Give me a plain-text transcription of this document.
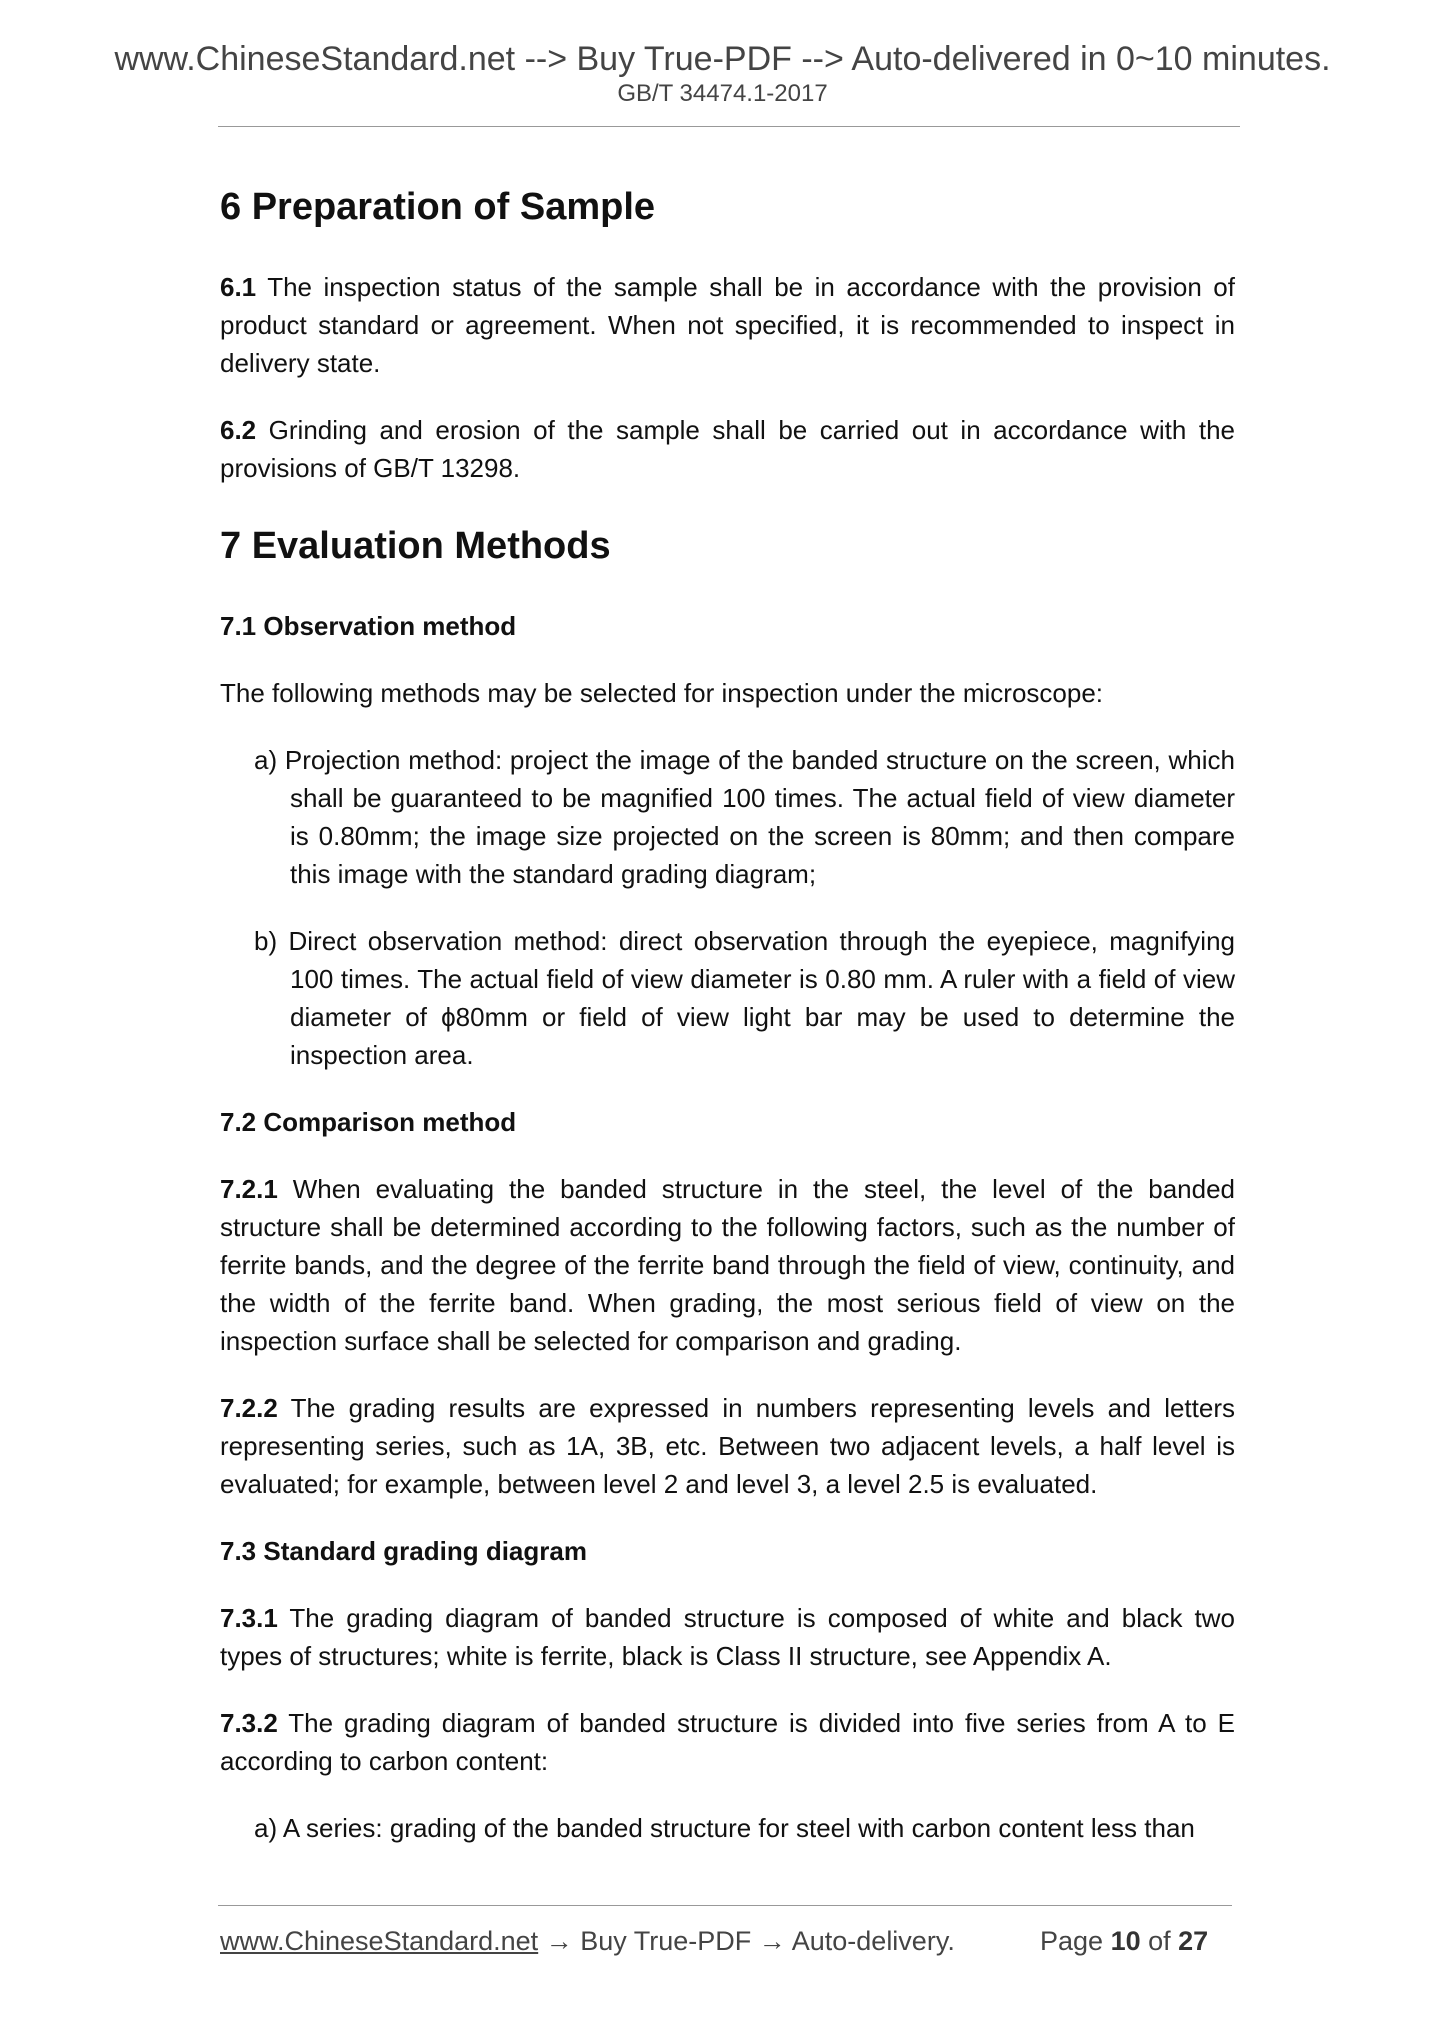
www.ChineseStandard.net --> Buy True-PDF --> Auto-delivered in 0~10 minutes.
GB/T 34474.1-2017
6 Preparation of Sample

6.1 The inspection status of the sample shall be in accordance with the provision of product standard or agreement. When not specified, it is recommended to inspect in delivery state.

6.2 Grinding and erosion of the sample shall be carried out in accordance with the provisions of GB/T 13298.

7 Evaluation Methods
7.1 Observation method

The following methods may be selected for inspection under the microscope:

a) Projection method: project the image of the banded structure on the screen, which shall be guaranteed to be magnified 100 times. The actual field of view diameter is 0.80mm; the image size projected on the screen is 80mm; and then compare this image with the standard grading diagram;
b) Direct observation method: direct observation through the eyepiece, magnifying 100 times. The actual field of view diameter is 0.80 mm. A ruler with a field of view diameter of ϕ80mm or field of view light bar may be used to determine the inspection area.
7.2 Comparison method

7.2.1 When evaluating the banded structure in the steel, the level of the banded structure shall be determined according to the following factors, such as the number of ferrite bands, and the degree of the ferrite band through the field of view, continuity, and the width of the ferrite band. When grading, the most serious field of view on the inspection surface shall be selected for comparison and grading.

7.2.2 The grading results are expressed in numbers representing levels and letters representing series, such as 1A, 3B, etc. Between two adjacent levels, a half level is evaluated; for example, between level 2 and level 3, a level 2.5 is evaluated.

7.3 Standard grading diagram

7.3.1 The grading diagram of banded structure is composed of white and black two types of structures; white is ferrite, black is Class II structure, see Appendix A.

7.3.2 The grading diagram of banded structure is divided into five series from A to E according to carbon content:

a) A series: grading of the banded structure for steel with carbon content less than
www.ChineseStandard.net → Buy True-PDF → Auto-delivery.	Page 10 of 27
